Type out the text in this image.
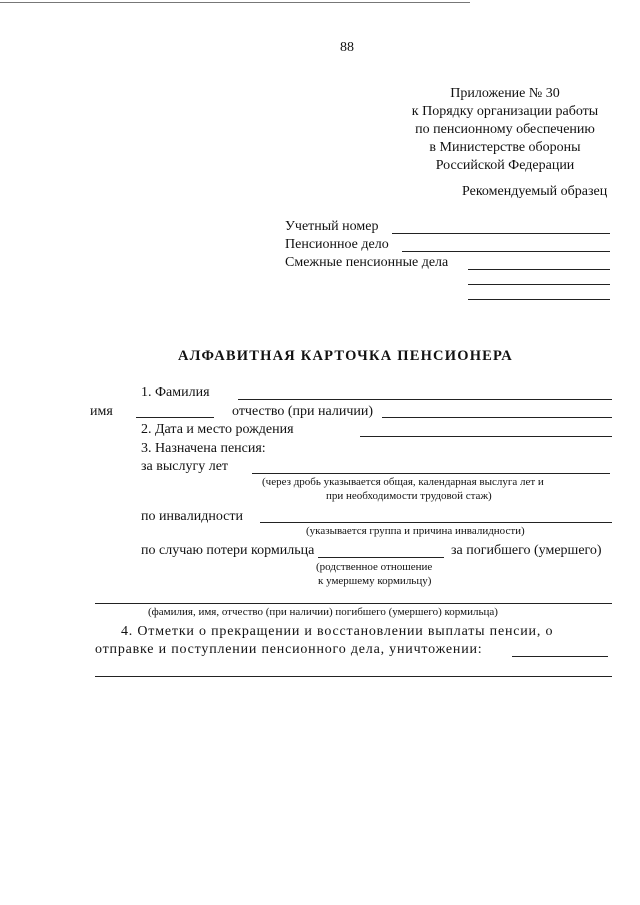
88
Приложение № 30
к Порядку организации работы
по пенсионному обеспечению
в Министерстве обороны
Российской Федерации
Рекомендуемый образец
Учетный номер
Пенсионное дело
Смежные пенсионные дела
АЛФАВИТНАЯ КАРТОЧКА ПЕНСИОНЕРА
1. Фамилия
имя	отчество (при наличии)
2. Дата и место рождения
3. Назначена пенсия:
за выслугу лет
(через дробь указывается общая, календарная выслуга лет и
при необходимости трудовой стаж)
по инвалидности
(указывается группа и причина инвалидности)
по случаю потери кормильца	за погибшего (умершего)
(родственное отношение
к умершему кормильцу)
(фамилия, имя, отчество (при наличии) погибшего (умершего) кормильца)
4. Отметки о прекращении и восстановлении выплаты пенсии, о
отправке и поступлении пенсионного дела, уничтожении:
